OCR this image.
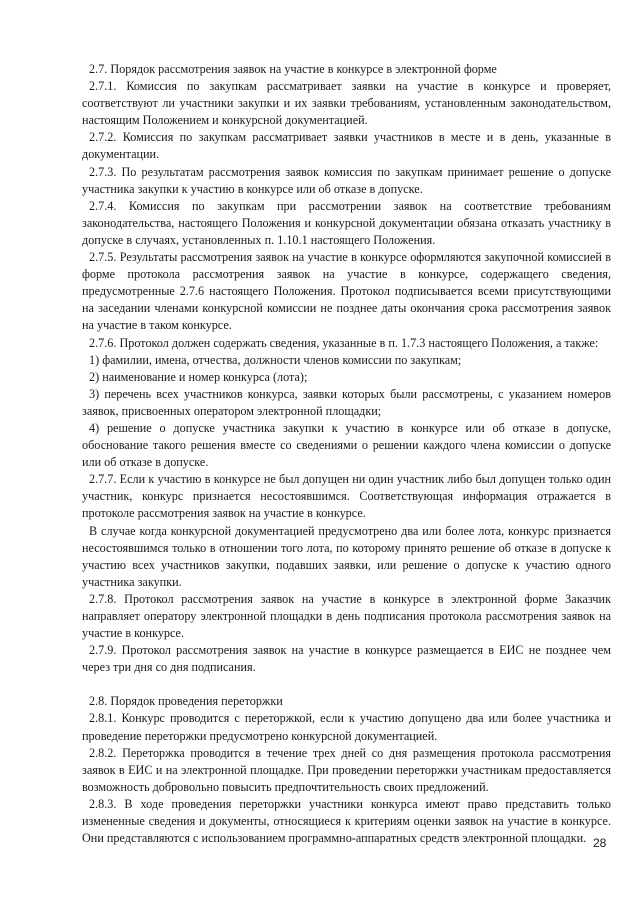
2.7. Порядок рассмотрения заявок на участие в конкурсе в электронной форме

2.7.1. Комиссия по закупкам рассматривает заявки на участие в конкурсе и проверяет, соответствуют ли участники закупки и их заявки требованиям, установленным законодательством, настоящим Положением и конкурсной документацией.

2.7.2. Комиссия по закупкам рассматривает заявки участников в месте и в день, указанные в документации.

2.7.3. По результатам рассмотрения заявок комиссия по закупкам принимает решение о допуске участника закупки к участию в конкурсе или об отказе в допуске.

2.7.4. Комиссия по закупкам при рассмотрении заявок на соответствие требованиям законодательства, настоящего Положения и конкурсной документации обязана отказать участнику в допуске в случаях, установленных п. 1.10.1 настоящего Положения.

2.7.5. Результаты рассмотрения заявок на участие в конкурсе оформляются закупочной комиссией в форме протокола рассмотрения заявок на участие в конкурсе, содержащего сведения, предусмотренные 2.7.6 настоящего Положения. Протокол подписывается всеми присутствующими на заседании членами конкурсной комиссии не позднее даты окончания срока рассмотрения заявок на участие в таком конкурсе.

2.7.6. Протокол должен содержать сведения, указанные в п. 1.7.3 настоящего Положения, а также:

1) фамилии, имена, отчества, должности членов комиссии по закупкам;

2) наименование и номер конкурса (лота);

3) перечень всех участников конкурса, заявки которых были рассмотрены, с указанием номеров заявок, присвоенных оператором электронной площадки;

4) решение о допуске участника закупки к участию в конкурсе или об отказе в допуске, обоснование такого решения вместе со сведениями о решении каждого члена комиссии о допуске или об отказе в допуске.

2.7.7. Если к участию в конкурсе не был допущен ни один участник либо был допущен только один участник, конкурс признается несостоявшимся. Соответствующая информация отражается в протоколе рассмотрения заявок на участие в конкурсе.

В случае когда конкурсной документацией предусмотрено два или более лота, конкурс признается несостоявшимся только в отношении того лота, по которому принято решение об отказе в допуске к участию всех участников закупки, подавших заявки, или решение о допуске к участию одного участника закупки.

2.7.8. Протокол рассмотрения заявок на участие в конкурсе в электронной форме Заказчик направляет оператору электронной площадки в день подписания протокола рассмотрения заявок на участие в конкурсе.

2.7.9. Протокол рассмотрения заявок на участие в конкурсе размещается в ЕИС не позднее чем через три дня со дня подписания.

2.8. Порядок проведения переторжки

2.8.1. Конкурс проводится с переторжкой, если к участию допущено два или более участника и проведение переторжки предусмотрено конкурсной документацией.

2.8.2. Переторжка проводится в течение трех дней со дня размещения протокола рассмотрения заявок в ЕИС и на электронной площадке. При проведении переторжки участникам предоставляется возможность добровольно повысить предпочтительность своих предложений.

2.8.3. В ходе проведения переторжки участники конкурса имеют право представить только измененные сведения и документы, относящиеся к критериям оценки заявок на участие в конкурсе. Они представляются с использованием программно-аппаратных средств электронной площадки. 28
